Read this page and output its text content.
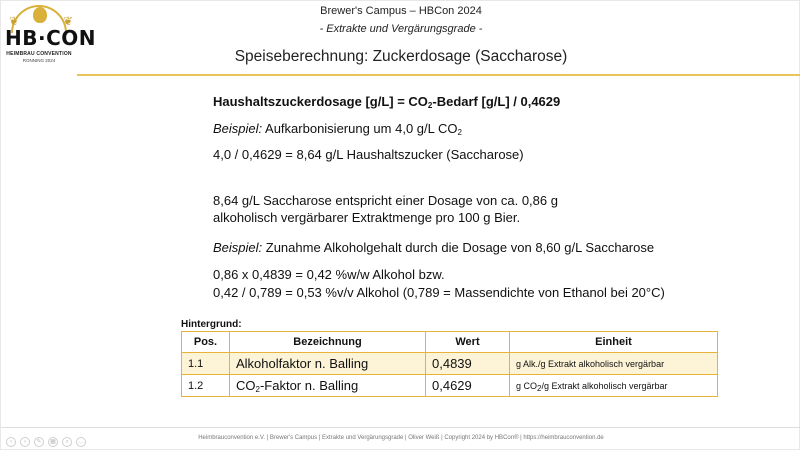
❦	❦
HB·CON
HEIMBRAU CONVENTION
RONNING 2024
Brewer's Campus – HBCon 2024
- Extrakte und Vergärungsgrade -
Speiseberechnung: Zuckerdosage (Saccharose)
Haushaltszuckerdosage $[g/L] = CO_2$-Bedarf [g/L] / 0,4629
Beispiel: Aufkarbonisierung um 4,0 g/L $CO_2$
4,0 / 0,4629 = 8,64 g/L Haushaltszucker (Saccharose)
8,64 g/L Saccharose entspricht einer Dosage von ca. 0,86 g
alkoholisch vergärbarer Extraktmenge pro 100 g Bier.
Beispiel: Zunahme Alkoholgehalt durch die Dosage von 8,60 g/L Saccharose
0,86 x 0,4839 = 0,42 %w/w Alkohol bzw.
0,42 / 0,789 = 0,53 %v/v Alkohol (0,789 = Massendichte von Ethanol bei 20°C)
Hintergrund:
Pos.	Bezeichnung	Wert	Einheit
1.1	Alkoholfaktor n. Balling	0,4839	g Alk./g Extrakt alkoholisch vergärbar
1.2	$CO_2$-Faktor n. Balling	0,4629	g $CO_2/g$ Extrakt alkoholisch vergärbar
‹	›	✎	▦	⌕	…
Heimbrauconvention e.V. | Brewer's Campus | Extrakte und Vergärungsgrade | Oliver Weiß | Copyright 2024 by HBCon® | https://heimbrauconvention.de
